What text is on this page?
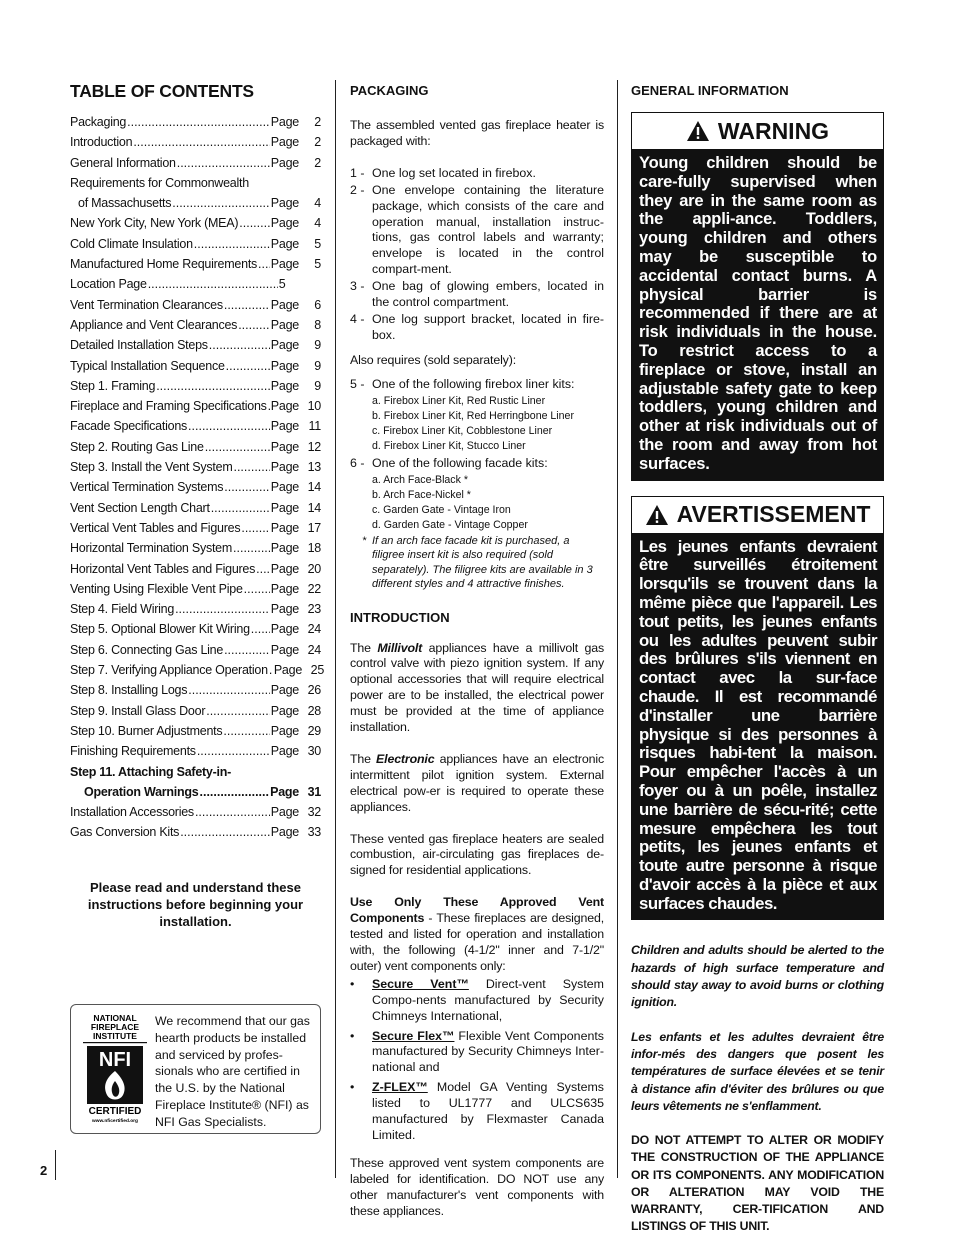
2
TABLE OF CONTENTS
Packaging .....	Page 2
Introduction .....	Page 2
General Information .....	Page 2
Requirements for Commonwealth
of Massachusetts .....	Page 4
New York City, New York (MEA) .....	Page 4
Cold Climate Insulation .....	Page 5
Manufactured Home Requirements ..... Page 5
Location Page .....	5
Vent Termination Clearances .....	Page 6
Appliance and Vent Clearances .....	Page 8
Detailed Installation Steps .....	Page 9
Typical Installation Sequence .....	Page 9
Step 1. Framing .....	Page 9
Fireplace and Framing Specifications ..... Page 10
Facade Specifications .....	Page 11
Step 2. Routing Gas Line .....	Page 12
Step 3. Install the Vent System .....	Page 13
Vertical Termination Systems .....	Page 14
Vent Section Length Chart .....	Page 14
Vertical Vent Tables and Figures ..... Page 17
Horizontal Termination System .....	Page 18
Horizontal Vent Tables and Figures ..... Page 20
Venting Using Flexible Vent Pipe ..... Page 22
Step 4. Field Wiring .....	Page 23
Step 5. Optional Blower Kit Wiring ..... Page 24
Step 6. Connecting Gas Line .....	Page 24
Step 7. Verifying Appliance Operation ..... Page 25
Step 8. Installing Logs .....	Page 26
Step 9. Install Glass Door .....	Page 28
Step 10. Burner Adjustments .....	Page 29
Finishing Requirements .....	Page 30
Step 11. Attaching Safety-in-
Operation Warnings .....	Page 31
Installation Accessories .....	Page 32
Gas Conversion Kits .....	Page 33
Please read and understand these instructions before beginning your installation.
NATIONAL
FIREPLACE
INSTITUTE
NFI
CERTIFIED
www.nficertified.org
We recommend that our gas hearth products be installed and serviced by profes-sionals who are certified in the U.S. by the National Fireplace Institute® (NFI) as NFI Gas Specialists.
PACKAGING

The assembled vented gas fireplace heater is packaged with:

1 - One log set located in firebox.
2 - One envelope containing the literature package, which consists of the care and operation manual, installation instruc-tions, gas control labels and warranty; envelope is located in the control compart-ment.
3 - One bag of glowing embers, located in the control compartment.
4 - One log support bracket, located in fire-box.

Also requires (sold separately):

5 - One of the following firebox liner kits:
a. Firebox Liner Kit, Red Rustic Liner
b. Firebox Liner Kit, Red Herringbone Liner
c. Firebox Liner Kit, Cobblestone Liner
d. Firebox Liner Kit, Stucco Liner
6 - One of the following facade kits:
a. Arch Face-Black *
b. Arch Face-Nickel *
c. Garden Gate - Vintage Iron
d. Garden Gate - Vintage Copper
* If an arch face facade kit is purchased, a filigree insert kit is also required (sold separately). The filigree kits are available in 3 different styles and 4 attractive finishes.
INTRODUCTION

The Millivolt appliances have a millivolt gas control valve with piezo ignition system. If any optional accessories that will require electrical power are to be installed, the electrical power must be provided at the time of appliance installation.

The Electronic appliances have an electronic intermittent pilot ignition system. External electrical pow-er is required to operate these appliances.

These vented gas fireplace heaters are sealed combustion, air-circulating gas fireplaces de-signed for residential applications.

Use Only These Approved Vent Components - These fireplaces are designed, tested and listed for operation and installation with, the following (4-1/2" inner and 7-1/2" outer) vent components only:

•	Secure Vent™ Direct-vent System Compo-nents manufactured by Security Chimneys International,
•	Secure Flex™ Flexible Vent Components manufactured by Security Chimneys Inter-national and
•	Z-FLEX™ Model GA Venting Systems listed to UL1777 and ULCS635 manufactured by Flexmaster Canada Limited.

These approved vent system components are labeled for identification. DO NOT use any other manufacturer's vent components with these appliances.

GENERAL INFORMATION
WARNING
Young children should be care-fully supervised when they are in the same room as the appli-ance. Toddlers, young children and others may be susceptible to accidental contact burns. A physical barrier is recommended if there are at risk individuals in the house. To restrict access to a fireplace or stove, install an adjustable safety gate to keep toddlers, young children and other at risk individuals out of the room and away from hot surfaces.
AVERTISSEMENT
Les jeunes enfants devraient être surveillés étroitement lorsqu'ils se trouvent dans la même pièce que l'appareil. Les tout petits, les jeunes enfants ou les adultes peuvent subir des brûlures s'ils viennent en contact avec la sur-face chaude. Il est recommandé d'installer une barrière physique si des personnes à risques habi-tent la maison. Pour empêcher l'accès à un foyer ou à un poêle, installez une barrière de sécu-rité; cette mesure empêchera les tout petits, les jeunes enfants et toute autre personne à risque d'avoir accès à la pièce et aux surfaces chaudes.

Children and adults should be alerted to the hazards of high surface temperature and should stay away to avoid burns or clothing ignition.

Les enfants et les adultes devraient être infor-més des dangers que posent les températures de surface élevées et se tenir à distance afin d'éviter des brûlures ou que leurs vêtements ne s'enflamment.

DO NOT ATTEMPT TO ALTER OR MODIFY THE CONSTRUCTION OF THE APPLIANCE OR ITS COMPONENTS. ANY MODIFICATION OR ALTERATION MAY VOID THE WARRANTY, CER-TIFICATION AND LISTINGS OF THIS UNIT.
